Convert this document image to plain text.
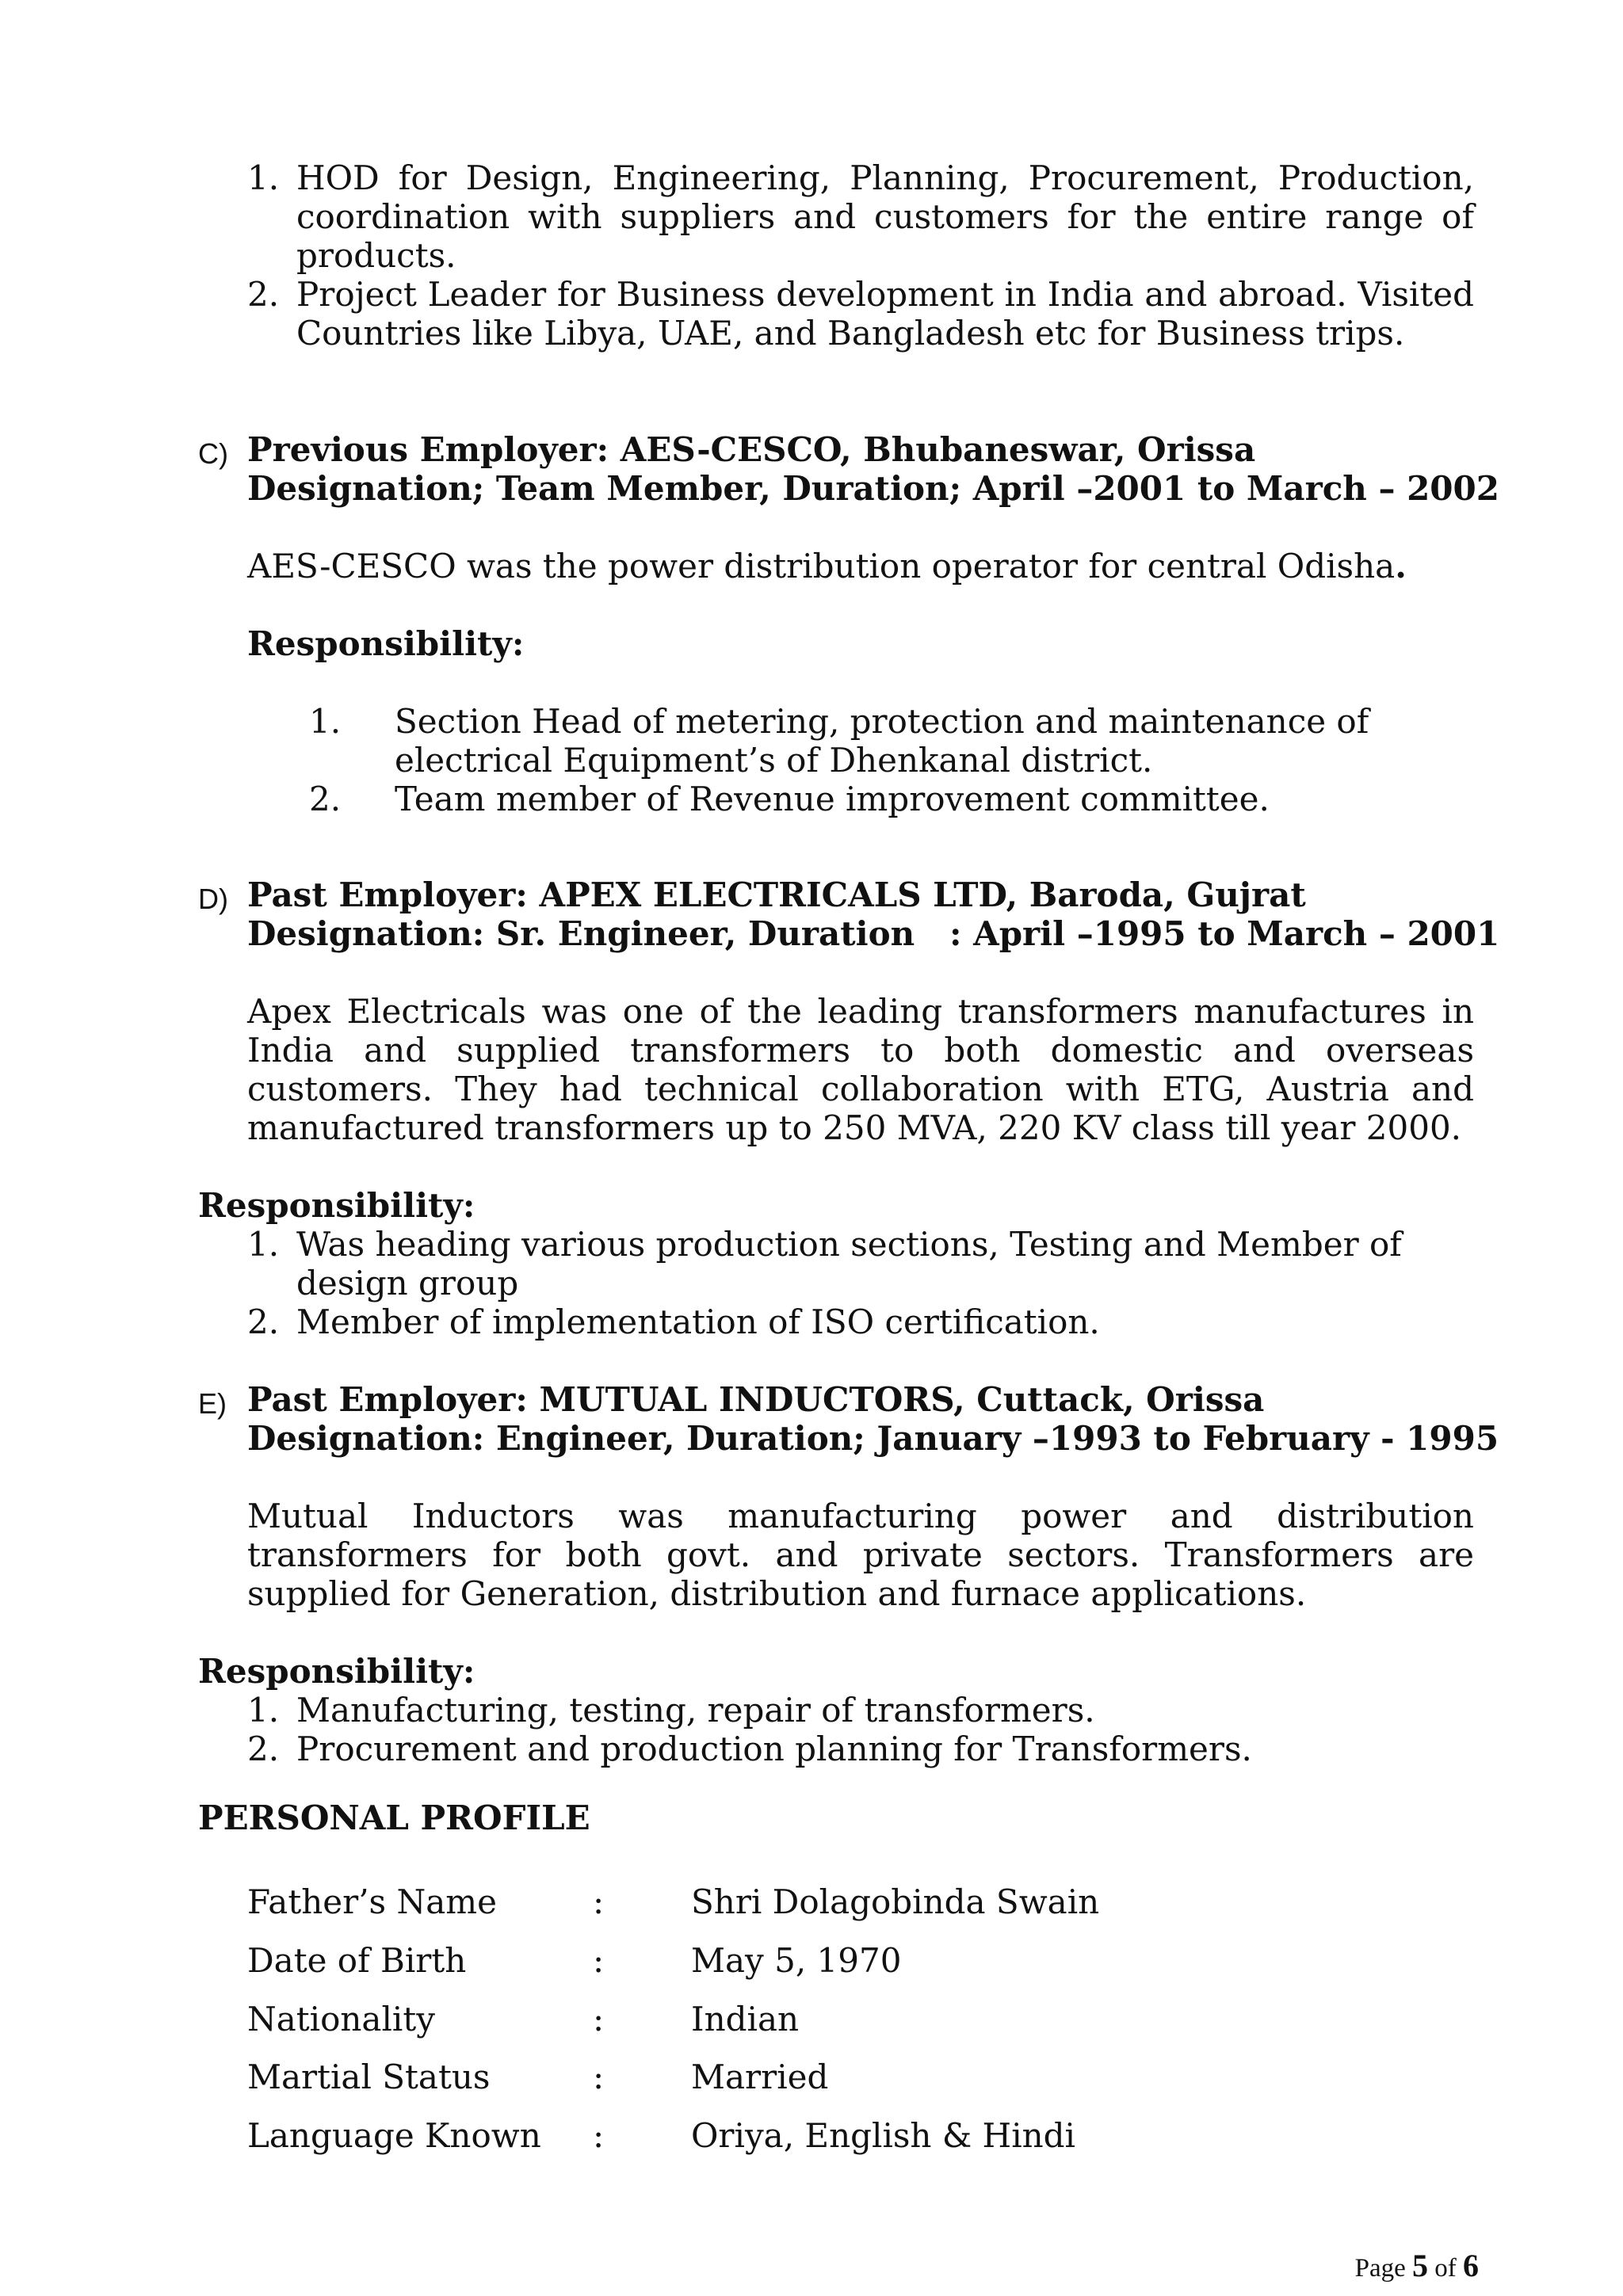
1. HOD for Design, Engineering, Planning, Procurement, Production, coordination with suppliers and customers for the entire range of products.
2. Project Leader for Business development in India and abroad. Visited Countries like Libya, UAE, and Bangladesh etc for Business trips.
C) Previous Employer: AES-CESCO, Bhubaneswar, Orissa
Designation; Team Member, Duration; April –2001 to March – 2002
AES-CESCO was the power distribution operator for central Odisha.
Responsibility:
1. Section Head of metering, protection and maintenance of electrical Equipment’s of Dhenkanal district.
2. Team member of Revenue improvement committee.
D) Past Employer: APEX ELECTRICALS LTD, Baroda, Gujrat
Designation: Sr. Engineer, Duration   : April –1995 to March – 2001
Apex Electricals was one of the leading transformers manufactures in India and supplied transformers to both domestic and overseas customers. They had technical collaboration with ETG, Austria and manufactured transformers up to 250 MVA, 220 KV class till year 2000.
Responsibility:
1. Was heading various production sections, Testing and Member of design group
2. Member of implementation of ISO certification.
E) Past Employer: MUTUAL INDUCTORS, Cuttack, Orissa
Designation: Engineer, Duration; January –1993 to February - 1995
Mutual Inductors was manufacturing power and distribution transformers for both govt. and private sectors. Transformers are supplied for Generation, distribution and furnace applications.
Responsibility:
1. Manufacturing, testing, repair of transformers.
2. Procurement and production planning for Transformers.
PERSONAL PROFILE
Father’s Name	:	Shri Dolagobinda Swain
Date of Birth	:	May 5, 1970
Nationality	:	Indian
Martial Status	:	Married
Language Known :	Oriya, English & Hindi
Page 5 of 6
